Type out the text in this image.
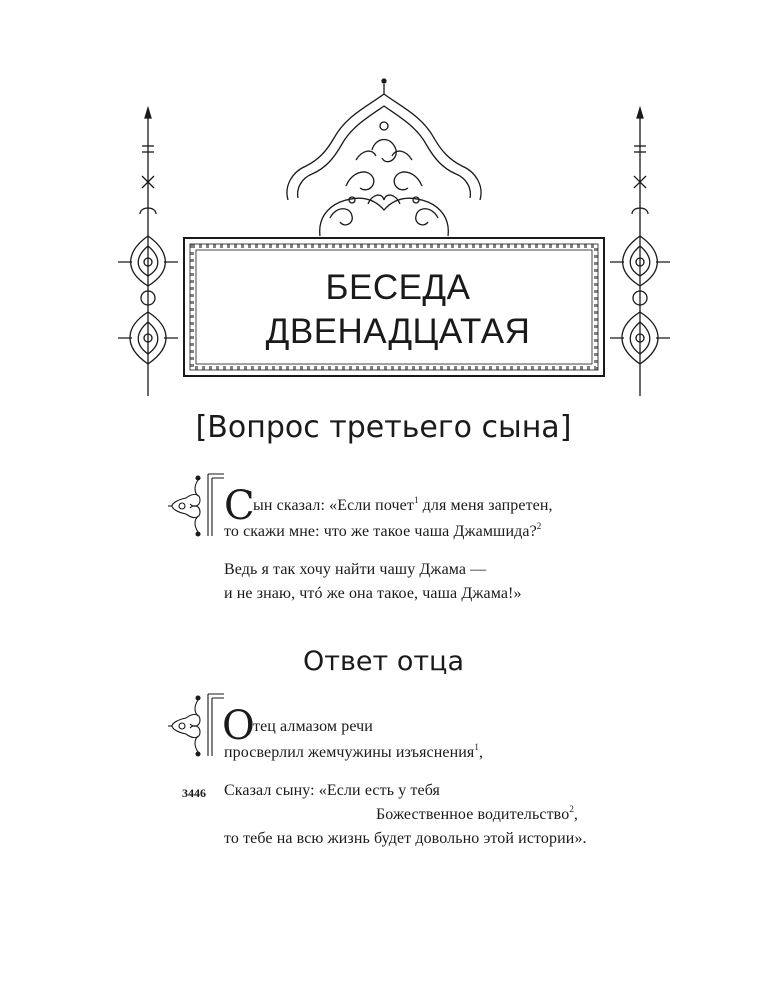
БЕСЕДА
ДВЕНАДЦАТАЯ
[Вопрос третьего сына]
С
ын сказал: «Если почет$^1$ для меня запретен,
то скажи мне: что же такое чаша Джамшида?$^2$
Ведь я так хочу найти чашу Джама —
и не знаю, чтó же она такое, чаша Джама!»
Ответ отца
О
тец алмазом речи
просверлил жемчужины изъяснения$^1$,
3446 Сказал сыну: «Если есть у тебя
Божественное водительство$^2$,
то тебе на всю жизнь будет довольно этой истории».
